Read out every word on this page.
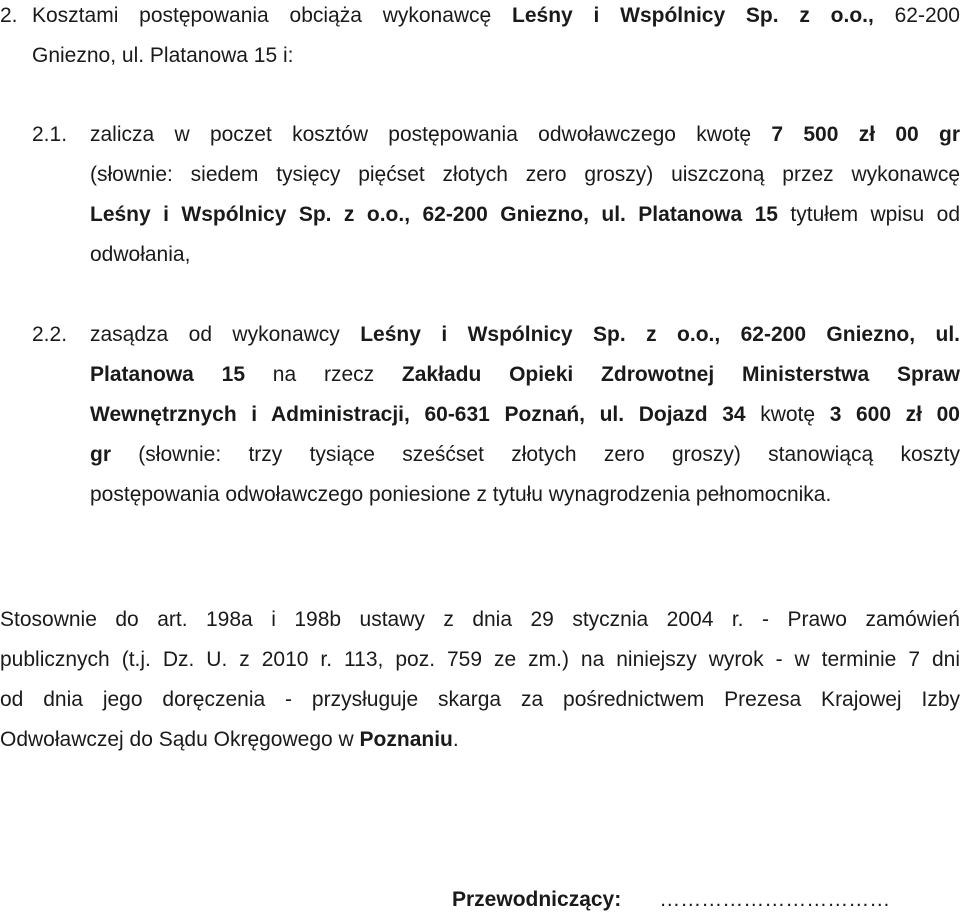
2. Kosztami postępowania obciąża wykonawcę Leśny i Wspólnicy Sp. z o.o., 62-200
Gniezno, ul. Platanowa 15 i:
2.1. zalicza w poczet kosztów postępowania odwoławczego kwotę 7 500 zł 00 gr
(słownie: siedem tysięcy pięćset złotych zero groszy) uiszczoną przez wykonawcę
Leśny i Wspólnicy Sp. z o.o., 62-200 Gniezno, ul. Platanowa 15 tytułem wpisu od
odwołania,
2.2. zasądza od wykonawcy Leśny i Wspólnicy Sp. z o.o., 62-200 Gniezno, ul.
Platanowa 15 na rzecz Zakładu Opieki Zdrowotnej Ministerstwa Spraw
Wewnętrznych i Administracji, 60-631 Poznań, ul. Dojazd 34 kwotę 3 600 zł 00
gr (słownie: trzy tysiące sześćset złotych zero groszy) stanowiącą koszty
postępowania odwoławczego poniesione z tytułu wynagrodzenia pełnomocnika.
Stosownie do art. 198a i 198b ustawy z dnia 29 stycznia 2004 r. - Prawo zamówień
publicznych (t.j. Dz. U. z 2010 r. 113, poz. 759 ze zm.) na niniejszy wyrok - w terminie 7 dni
od dnia jego doręczenia - przysługuje skarga za pośrednictwem Prezesa Krajowej Izby
Odwoławczej do Sądu Okręgowego w Poznaniu.
Przewodniczący: ……………………………
